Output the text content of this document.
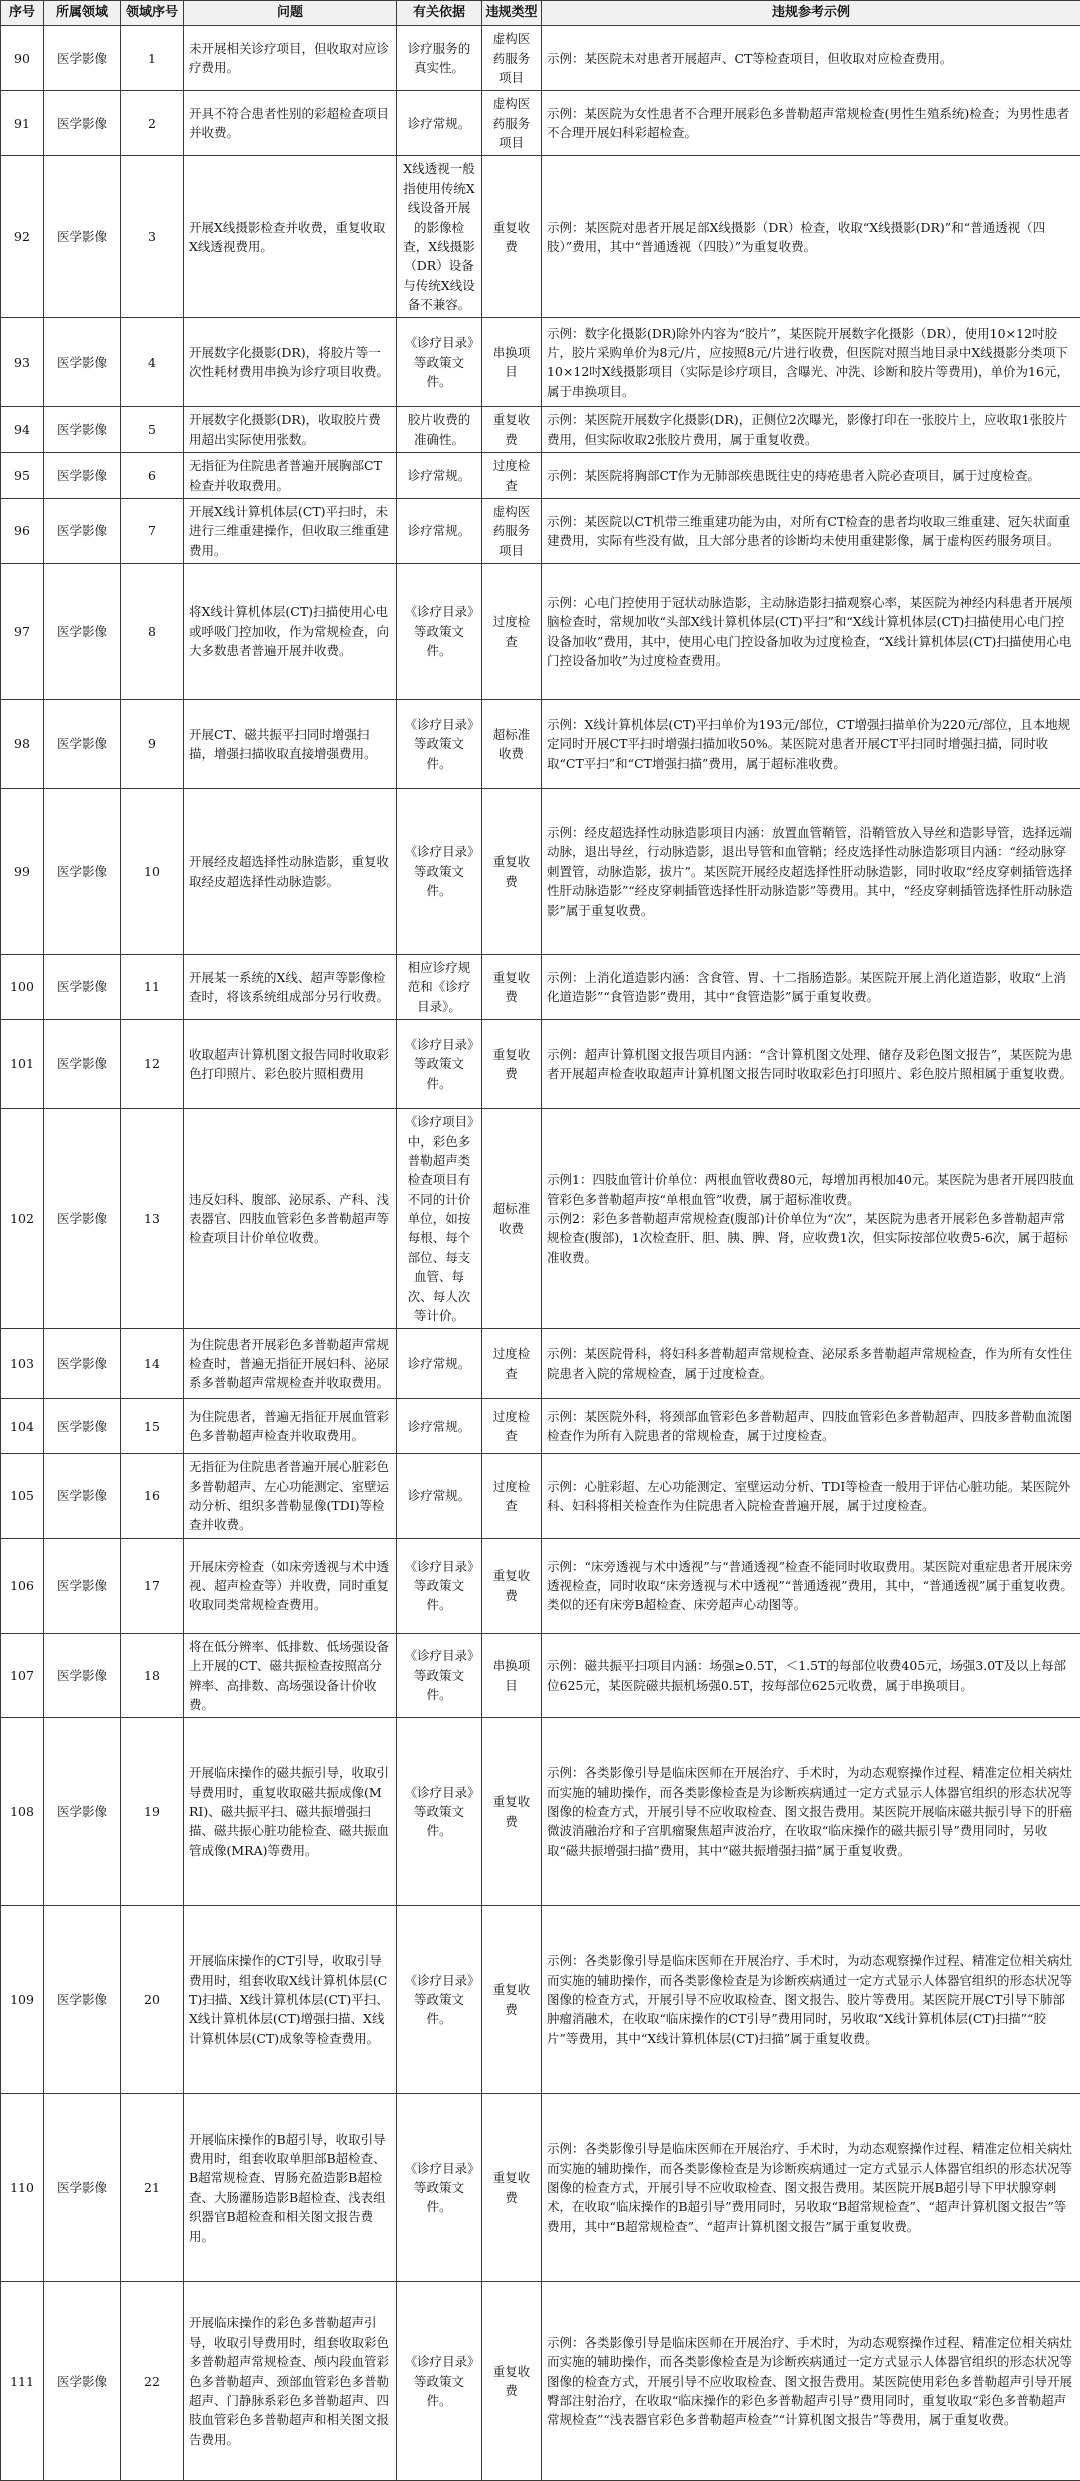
序号	所属领域	领域序号	问题	有关依据	违规类型	违规参考示例
90	医学影像	1	未开展相关诊疗项目，但收取对应诊疗费用。	诊疗服务的真实性。	虚构医药服务项目	示例：某医院未对患者开展超声、CT等检查项目，但收取对应检查费用。
91	医学影像	2	开具不符合患者性别的彩超检查项目并收费。	诊疗常规。	虚构医药服务项目	示例：某医院为女性患者不合理开展彩色多普勒超声常规检查(男性生殖系统)检查；为男性患者不合理开展妇科彩超检查。
92	医学影像	3	开展X线摄影检查并收费，重复收取X线透视费用。	X线透视一般指使用传统X线设备开展的影像检查，X线摄影（DR）设备与传统X线设备不兼容。	重复收费	示例：某医院对患者开展足部X线摄影（DR）检查，收取“X线摄影(DR)”和“普通透视（四肢）”费用，其中“普通透视（四肢）”为重复收费。
93	医学影像	4	开展数字化摄影(DR)，将胶片等一次性耗材费用串换为诊疗项目收费。	《诊疗目录》等政策文件。	串换项目	示例：数字化摄影(DR)除外内容为“胶片”，某医院开展数字化摄影（DR），使用10×12吋胶片，胶片采购单价为8元/片，应按照8元/片进行收费，但医院对照当地目录中X线摄影分类项下10×12吋X线摄影项目（实际是诊疗项目，含曝光、冲洗、诊断和胶片等费用)，单价为16元，属于串换项目。
94	医学影像	5	开展数字化摄影(DR)，收取胶片费用超出实际使用张数。	胶片收费的准确性。	重复收费	示例：某医院开展数字化摄影(DR)，正侧位2次曝光，影像打印在一张胶片上，应收取1张胶片费用，但实际收取2张胶片费用，属于重复收费。
95	医学影像	6	无指征为住院患者普遍开展胸部CT检查并收取费用。	诊疗常规。	过度检查	示例：某医院将胸部CT作为无肺部疾患既往史的痔疮患者入院必查项目，属于过度检查。
96	医学影像	7	开展X线计算机体层(CT)平扫时，未进行三维重建操作，但收取三维重建费用。	诊疗常规。	虚构医药服务项目	示例：某医院以CT机带三维重建功能为由，对所有CT检查的患者均收取三维重建、冠矢状面重建费用，实际有些没有做，且大部分患者的诊断均未使用重建影像，属于虚构医药服务项目。
97	医学影像	8	将X线计算机体层(CT)扫描使用心电或呼吸门控加收，作为常规检查，向大多数患者普遍开展并收费。	《诊疗目录》等政策文件。	过度检查	示例：心电门控使用于冠状动脉造影，主动脉造影扫描观察心率，某医院为神经内科患者开展颅脑检查时，常规加收“头部X线计算机体层(CT)平扫”和“X线计算机体层(CT)扫描使用心电门控设备加收”费用，其中，使用心电门控设备加收为过度检查，“X线计算机体层(CT)扫描使用心电门控设备加收”为过度检查费用。
98	医学影像	9	开展CT、磁共振平扫同时增强扫描，增强扫描收取直接增强费用。	《诊疗目录》等政策文件。	超标准收费	示例：X线计算机体层(CT)平扫单价为193元/部位，CT增强扫描单价为220元/部位，且本地规定同时开展CT平扫时增强扫描加收50%。某医院对患者开展CT平扫同时增强扫描，同时收取“CT平扫”和“CT增强扫描”费用，属于超标准收费。
99	医学影像	10	开展经皮超选择性动脉造影，重复收取经皮超选择性动脉造影。	《诊疗目录》等政策文件。	重复收费	示例：经皮超选择性动脉造影项目内涵：放置血管鞘管，沿鞘管放入导丝和造影导管，选择远端动脉，退出导丝，行动脉造影，退出导管和血管鞘；经皮选择性动脉造影项目内涵：“经动脉穿刺置管，动脉造影，拔片”。某医院开展经皮超选择性肝动脉造影，同时收取“经皮穿刺插管选择性肝动脉造影”“经皮穿刺插管选择性肝动脉造影”等费用。其中，“经皮穿刺插管选择性肝动脉造影”属于重复收费。
100	医学影像	11	开展某一系统的X线、超声等影像检查时，将该系统组成部分另行收费。	相应诊疗规范和《诊疗目录》。	重复收费	示例：上消化道造影内涵：含食管、胃、十二指肠造影。某医院开展上消化道造影，收取“上消化道造影”“食管造影”费用，其中“食管造影”属于重复收费。
101	医学影像	12	收取超声计算机图文报告同时收取彩色打印照片、彩色胶片照相费用	《诊疗目录》等政策文件。	重复收费	示例：超声计算机图文报告项目内涵：“含计算机图文处理、储存及彩色图文报告”，某医院为患者开展超声检查收取超声计算机图文报告同时收取彩色打印照片、彩色胶片照相属于重复收费。
102	医学影像	13	违反妇科、腹部、泌尿系、产科、浅表器官、四肢血管彩色多普勒超声等检查项目计价单位收费。	《诊疗项目》中，彩色多普勒超声类检查项目有不同的计价单位，如按每根、每个部位、每支血管、每次、每人次等计价。	超标准收费	示例1：四肢血管计价单位：两根血管收费80元，每增加再根加40元。某医院为患者开展四肢血管彩色多普勒超声按“单根血管”收费，属于超标准收费。
示例2：彩色多普勒超声常规检查(腹部)计价单位为“次”，某医院为患者开展彩色多普勒超声常规检查(腹部)，1次检查肝、胆、胰、脾、肾，应收费1次，但实际按部位收费5-6次，属于超标准收费。
103	医学影像	14	为住院患者开展彩色多普勒超声常规检查时，普遍无指征开展妇科、泌尿系多普勒超声常规检查并收取费用。	诊疗常规。	过度检查	示例：某医院骨科，将妇科多普勒超声常规检查、泌尿系多普勒超声常规检查，作为所有女性住院患者入院的常规检查，属于过度检查。
104	医学影像	15	为住院患者，普遍无指征开展血管彩色多普勒超声检查并收取费用。	诊疗常规。	过度检查	示例：某医院外科，将颈部血管彩色多普勒超声、四肢血管彩色多普勒超声、四肢多普勒血流图检查作为所有入院患者的常规检查，属于过度检查。
105	医学影像	16	无指征为住院患者普遍开展心脏彩色多普勒超声、左心功能测定、室壁运动分析、组织多普勒显像(TDI)等检查并收费。	诊疗常规。	过度检查	示例：心脏彩超、左心功能测定、室壁运动分析、TDI等检查一般用于评估心脏功能。某医院外科、妇科将相关检查作为住院患者入院检查普遍开展，属于过度检查。
106	医学影像	17	开展床旁检查（如床旁透视与术中透视、超声检查等）并收费，同时重复收取同类常规检查费用。	《诊疗目录》等政策文件。	重复收费	示例：“床旁透视与术中透视”与“普通透视”检查不能同时收取费用。某医院对重症患者开展床旁透视检查，同时收取“床旁透视与术中透视”“普通透视”费用，其中，“普通透视”属于重复收费。类似的还有床旁B超检查、床旁超声心动图等。
107	医学影像	18	将在低分辨率、低排数、低场强设备上开展的CT、磁共振检查按照高分辨率、高排数、高场强设备计价收费。	《诊疗目录》等政策文件。	串换项目	示例：磁共振平扫项目内涵：场强≥0.5T，＜1.5T的每部位收费405元，场强3.0T及以上每部位625元，某医院磁共振机场强0.5T，按每部位625元收费，属于串换项目。
108	医学影像	19	开展临床操作的磁共振引导，收取引导费用时，重复收取磁共振成像(MRI)、磁共振平扫、磁共振增强扫描、磁共振心脏功能检查、磁共振血管成像(MRA)等费用。	《诊疗目录》等政策文件。	重复收费	示例：各类影像引导是临床医师在开展治疗、手术时，为动态观察操作过程、精准定位相关病灶而实施的辅助操作，而各类影像检查是为诊断疾病通过一定方式显示人体器官组织的形态状况等图像的检查方式，开展引导不应收取检查、图文报告费用。某医院开展临床磁共振引导下的肝癌微波消融治疗和子宫肌瘤聚焦超声波治疗，在收取“临床操作的磁共振引导”费用同时，另收取“磁共振增强扫描”费用，其中“磁共振增强扫描”属于重复收费。
109	医学影像	20	开展临床操作的CT引导，收取引导费用时，组套收取X线计算机体层(CT)扫描、X线计算机体层(CT)平扫、X线计算机体层(CT)增强扫描、X线计算机体层(CT)成象等检查费用。	《诊疗目录》等政策文件。	重复收费	示例：各类影像引导是临床医师在开展治疗、手术时，为动态观察操作过程、精准定位相关病灶而实施的辅助操作，而各类影像检查是为诊断疾病通过一定方式显示人体器官组织的形态状况等图像的检查方式，开展引导不应收取检查、图文报告、胶片等费用。某医院开展CT引导下肺部肿瘤消融术，在收取“临床操作的CT引导”费用同时，另收取“X线计算机体层(CT)扫描”“胶片”等费用，其中“X线计算机体层(CT)扫描”属于重复收费。
110	医学影像	21	开展临床操作的B超引导，收取引导费用时，组套收取单胆部B超检查、B超常规检查、胃肠充盈造影B超检查、大肠灌肠造影B超检查、浅表组织器官B超检查和相关图文报告费用。	《诊疗目录》等政策文件。	重复收费	示例：各类影像引导是临床医师在开展治疗、手术时，为动态观察操作过程、精准定位相关病灶而实施的辅助操作，而各类影像检查是为诊断疾病通过一定方式显示人体器官组织的形态状况等图像的检查方式，开展引导不应收取检查、图文报告费用。某医院开展B超引导下甲状腺穿刺术，在收取“临床操作的B超引导”费用同时，另收取“B超常规检查”、“超声计算机图文报告”等费用，其中“B超常规检查”、“超声计算机图文报告”属于重复收费。
111	医学影像	22	开展临床操作的彩色多普勒超声引导，收取引导费用时，组套收取彩色多普勒超声常规检查、颅内段血管彩色多普勒超声、颈部血管彩色多普勒超声、门静脉系彩色多普勒超声、四肢血管彩色多普勒超声和相关图文报告费用。	《诊疗目录》等政策文件。	重复收费	示例：各类影像引导是临床医师在开展治疗、手术时，为动态观察操作过程、精准定位相关病灶而实施的辅助操作，而各类影像检查是为诊断疾病通过一定方式显示人体器官组织的形态状况等图像的检查方式，开展引导不应收取检查、图文报告费用。某医院使用彩色多普勒超声引导开展臀部注射治疗，在收取“临床操作的彩色多普勒超声引导”费用同时，重复收取“彩色多普勒超声常规检查”“浅表器官彩色多普勒超声检查”“计算机图文报告”等费用，属于重复收费。
